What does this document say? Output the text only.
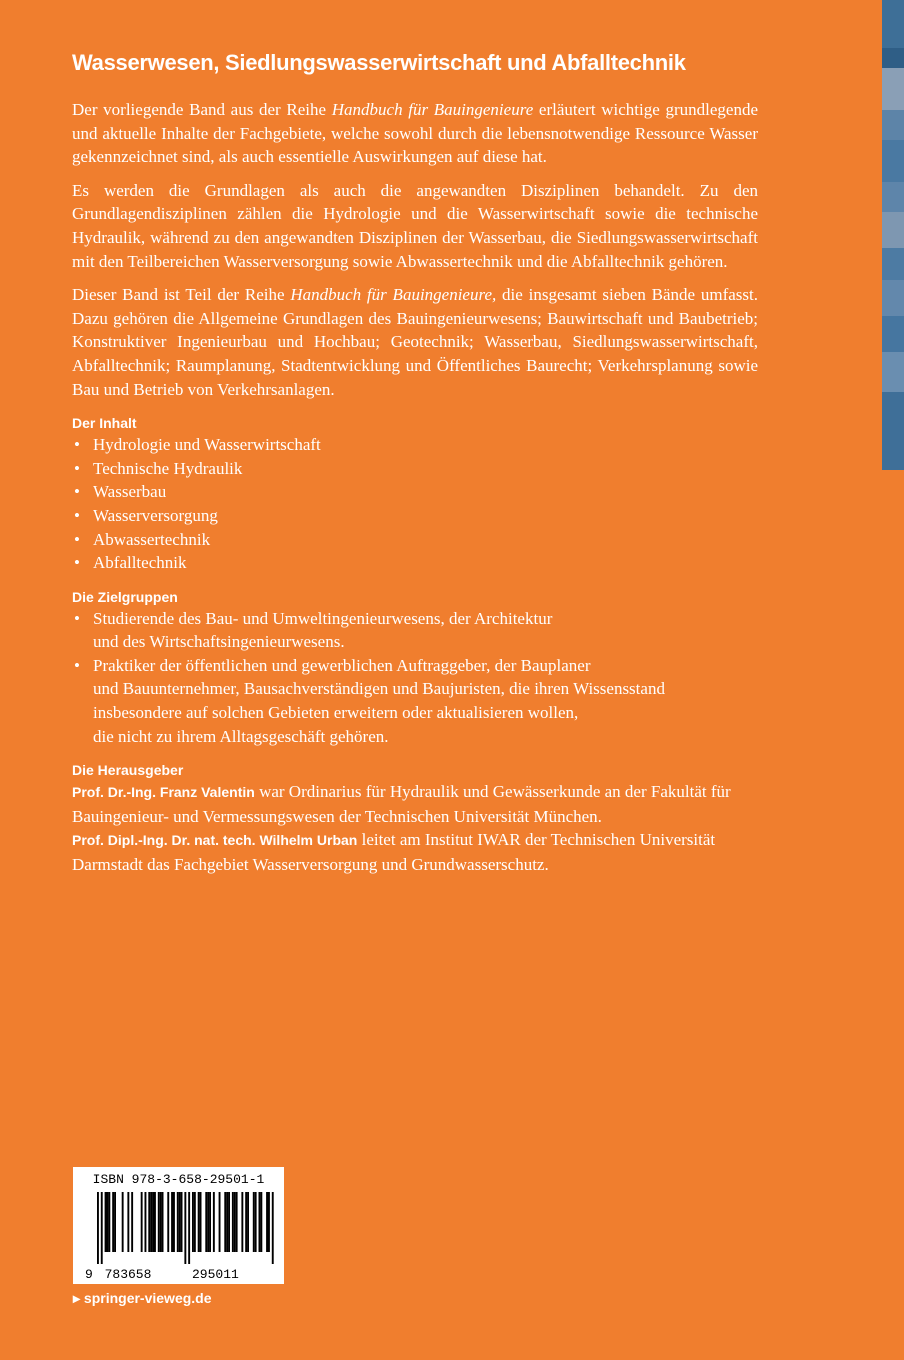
Wasserwesen, Siedlungswasserwirtschaft und Abfalltechnik

Der vorliegende Band aus der Reihe Handbuch für Bauingenieure erläutert wichtige grundlegende und aktuelle Inhalte der Fachgebiete, welche sowohl durch die lebensnotwendige Ressource Wasser gekennzeichnet sind, als auch essentielle Auswirkungen auf diese hat.

Es werden die Grundlagen als auch die angewandten Disziplinen behandelt. Zu den Grundlagendisziplinen zählen die Hydrologie und die Wasserwirtschaft sowie die technische Hydraulik, während zu den angewandten Disziplinen der Wasserbau, die Siedlungswasserwirtschaft mit den Teilbereichen Wasserversorgung sowie Abwassertechnik und die Abfalltechnik gehören.

Dieser Band ist Teil der Reihe Handbuch für Bauingenieure, die insgesamt sieben Bände umfasst. Dazu gehören die Allgemeine Grundlagen des Bauingenieurwesens; Bauwirtschaft und Baubetrieb; Konstruktiver Ingenieurbau und Hochbau; Geotechnik; Wasserbau, Siedlungswasserwirtschaft, Abfalltechnik; Raumplanung, Stadtentwicklung und Öffentliches Baurecht; Verkehrsplanung sowie Bau und Betrieb von Verkehrsanlagen.

Der Inhalt
• Hydrologie und Wasserwirtschaft
• Technische Hydraulik
• Wasserbau
• Wasserversorgung
• Abwassertechnik
• Abfalltechnik
Die Zielgruppen
• Studierende des Bau- und Umweltingenieurwesens, der Architektur
und des Wirtschaftsingenieurwesens.
• Praktiker der öffentlichen und gewerblichen Auftraggeber, der Bauplaner
und Bauunternehmer, Bausachverständigen und Baujuristen, die ihren Wissensstand
insbesondere auf solchen Gebieten erweitern oder aktualisieren wollen,
die nicht zu ihrem Alltagsgeschäft gehören.
Die Herausgeber
Prof. Dr.-Ing. Franz Valentin war Ordinarius für Hydraulik und Gewässerkunde an der Fakultät für Bauingenieur- und Vermessungswesen der Technischen Universität München.
Prof. Dipl.-Ing. Dr. nat. tech. Wilhelm Urban leitet am Institut IWAR der Technischen Universität Darmstadt das Fachgebiet Wasserversorgung und Grundwasserschutz.
ISBN 978-3-658-29501-1
9 783658	295011
▸ springer-vieweg.de
